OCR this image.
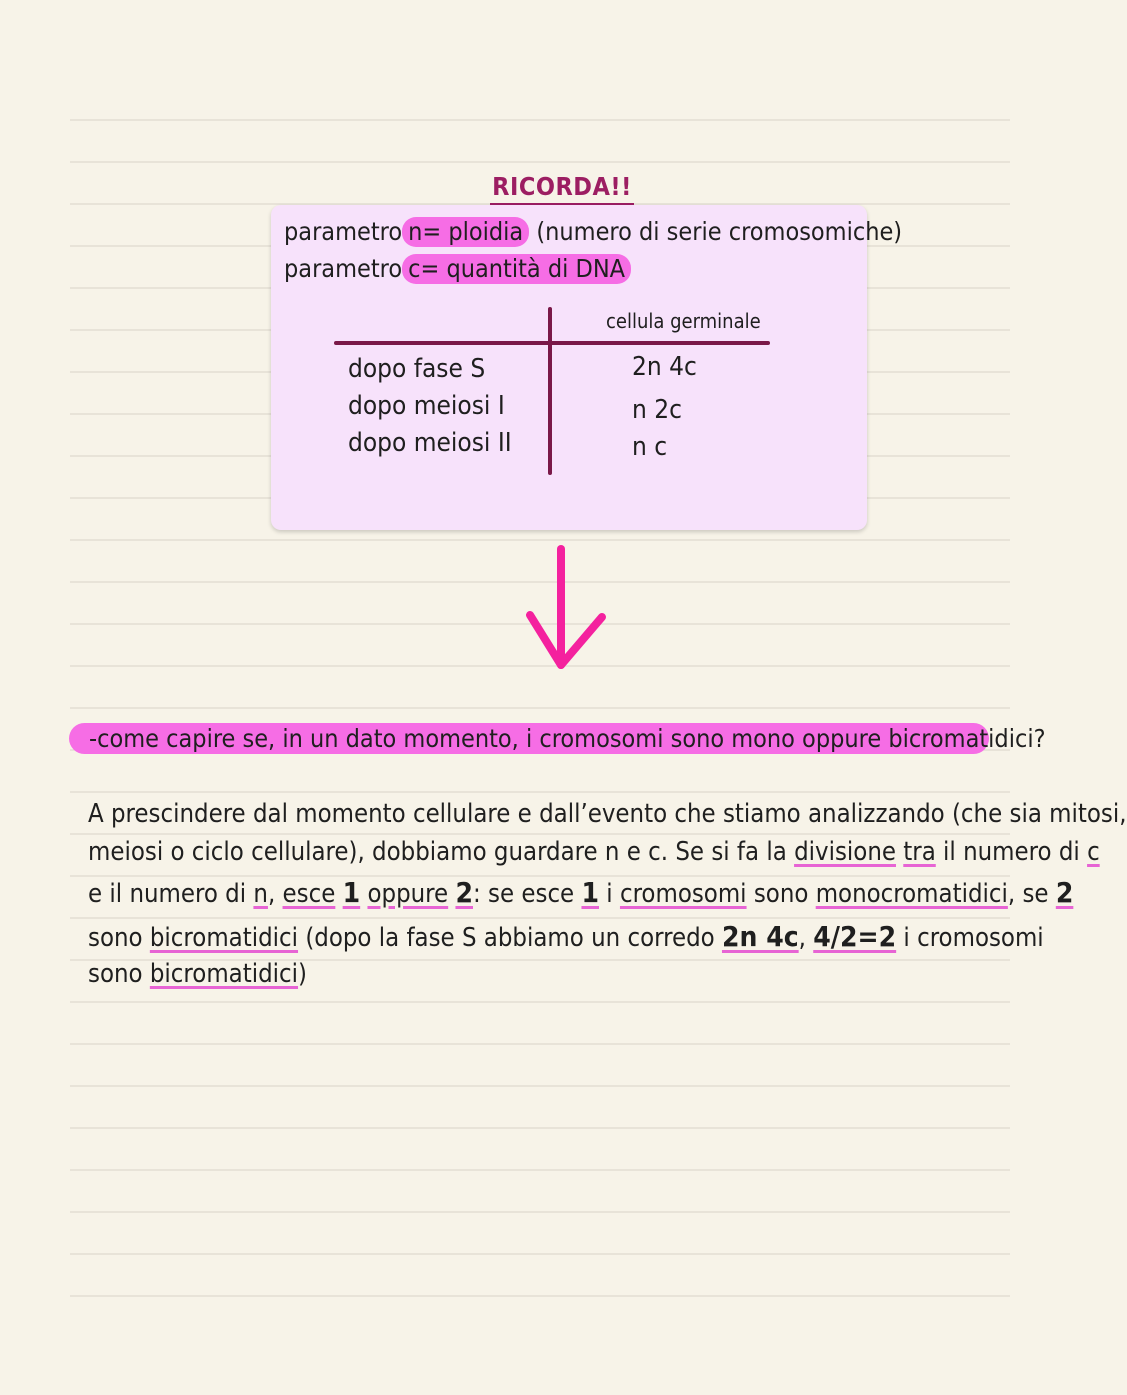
RICORDA!!
parametro n= ploidia (numero di serie cromosomiche)
parametro c= quantità di DNA
cellula germinale
dopo fase S
dopo meiosi I
dopo meiosi II
2n 4c
n 2c
n c
-come capire se, in un dato momento, i cromosomi sono mono oppure bicromatidici?
A prescindere dal momento cellulare e dall’evento che stiamo analizzando (che sia mitosi,
meiosi o ciclo cellulare), dobbiamo guardare n e c. Se si fa la divisione tra il numero di c
e il numero di n, esce 1 oppure 2: se esce 1 i cromosomi sono monocromatidici, se 2
sono bicromatidici (dopo la fase S abbiamo un corredo 2n 4c, 4/2=2 i cromosomi
sono bicromatidici)
